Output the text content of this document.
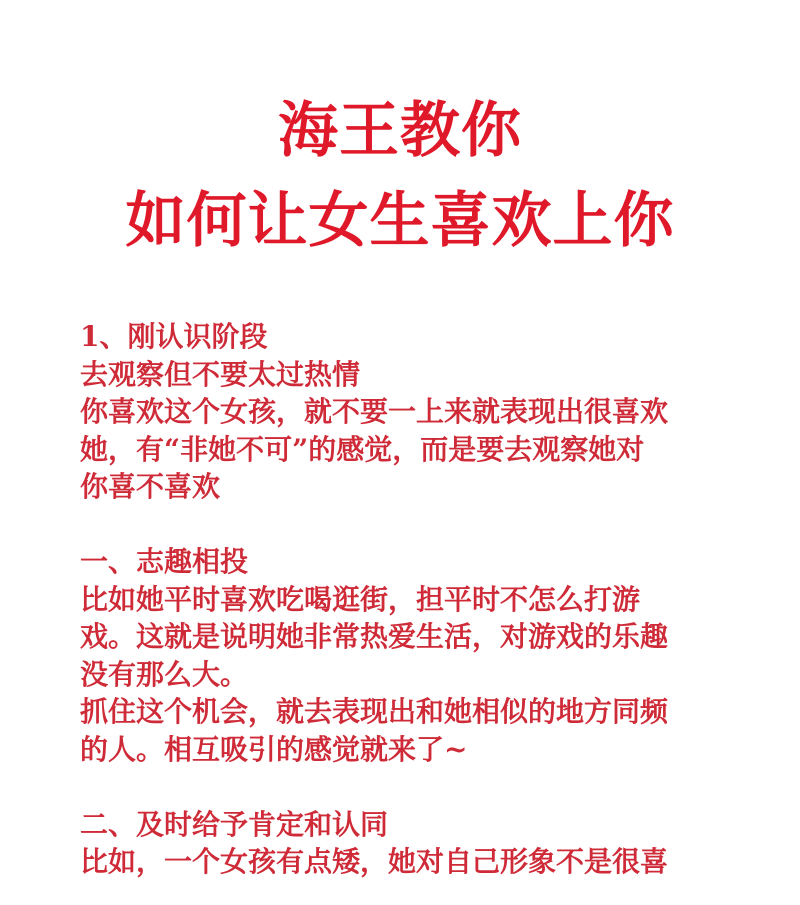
海王教你
如何让女生喜欢上你
1、刚认识阶段
去观察但不要太过热情
你喜欢这个女孩，就不要一上来就表现出很喜欢
她，有“非她不可”的感觉，而是要去观察她对
你喜不喜欢
一、志趣相投
比如她平时喜欢吃喝逛街，担平时不怎么打游
戏。这就是说明她非常热爱生活，对游戏的乐趣
没有那么大。
抓住这个机会，就去表现出和她相似的地方同频
的人。相互吸引的感觉就来了~
二、及时给予肯定和认同
比如，一个女孩有点矮，她对自己形象不是很喜
